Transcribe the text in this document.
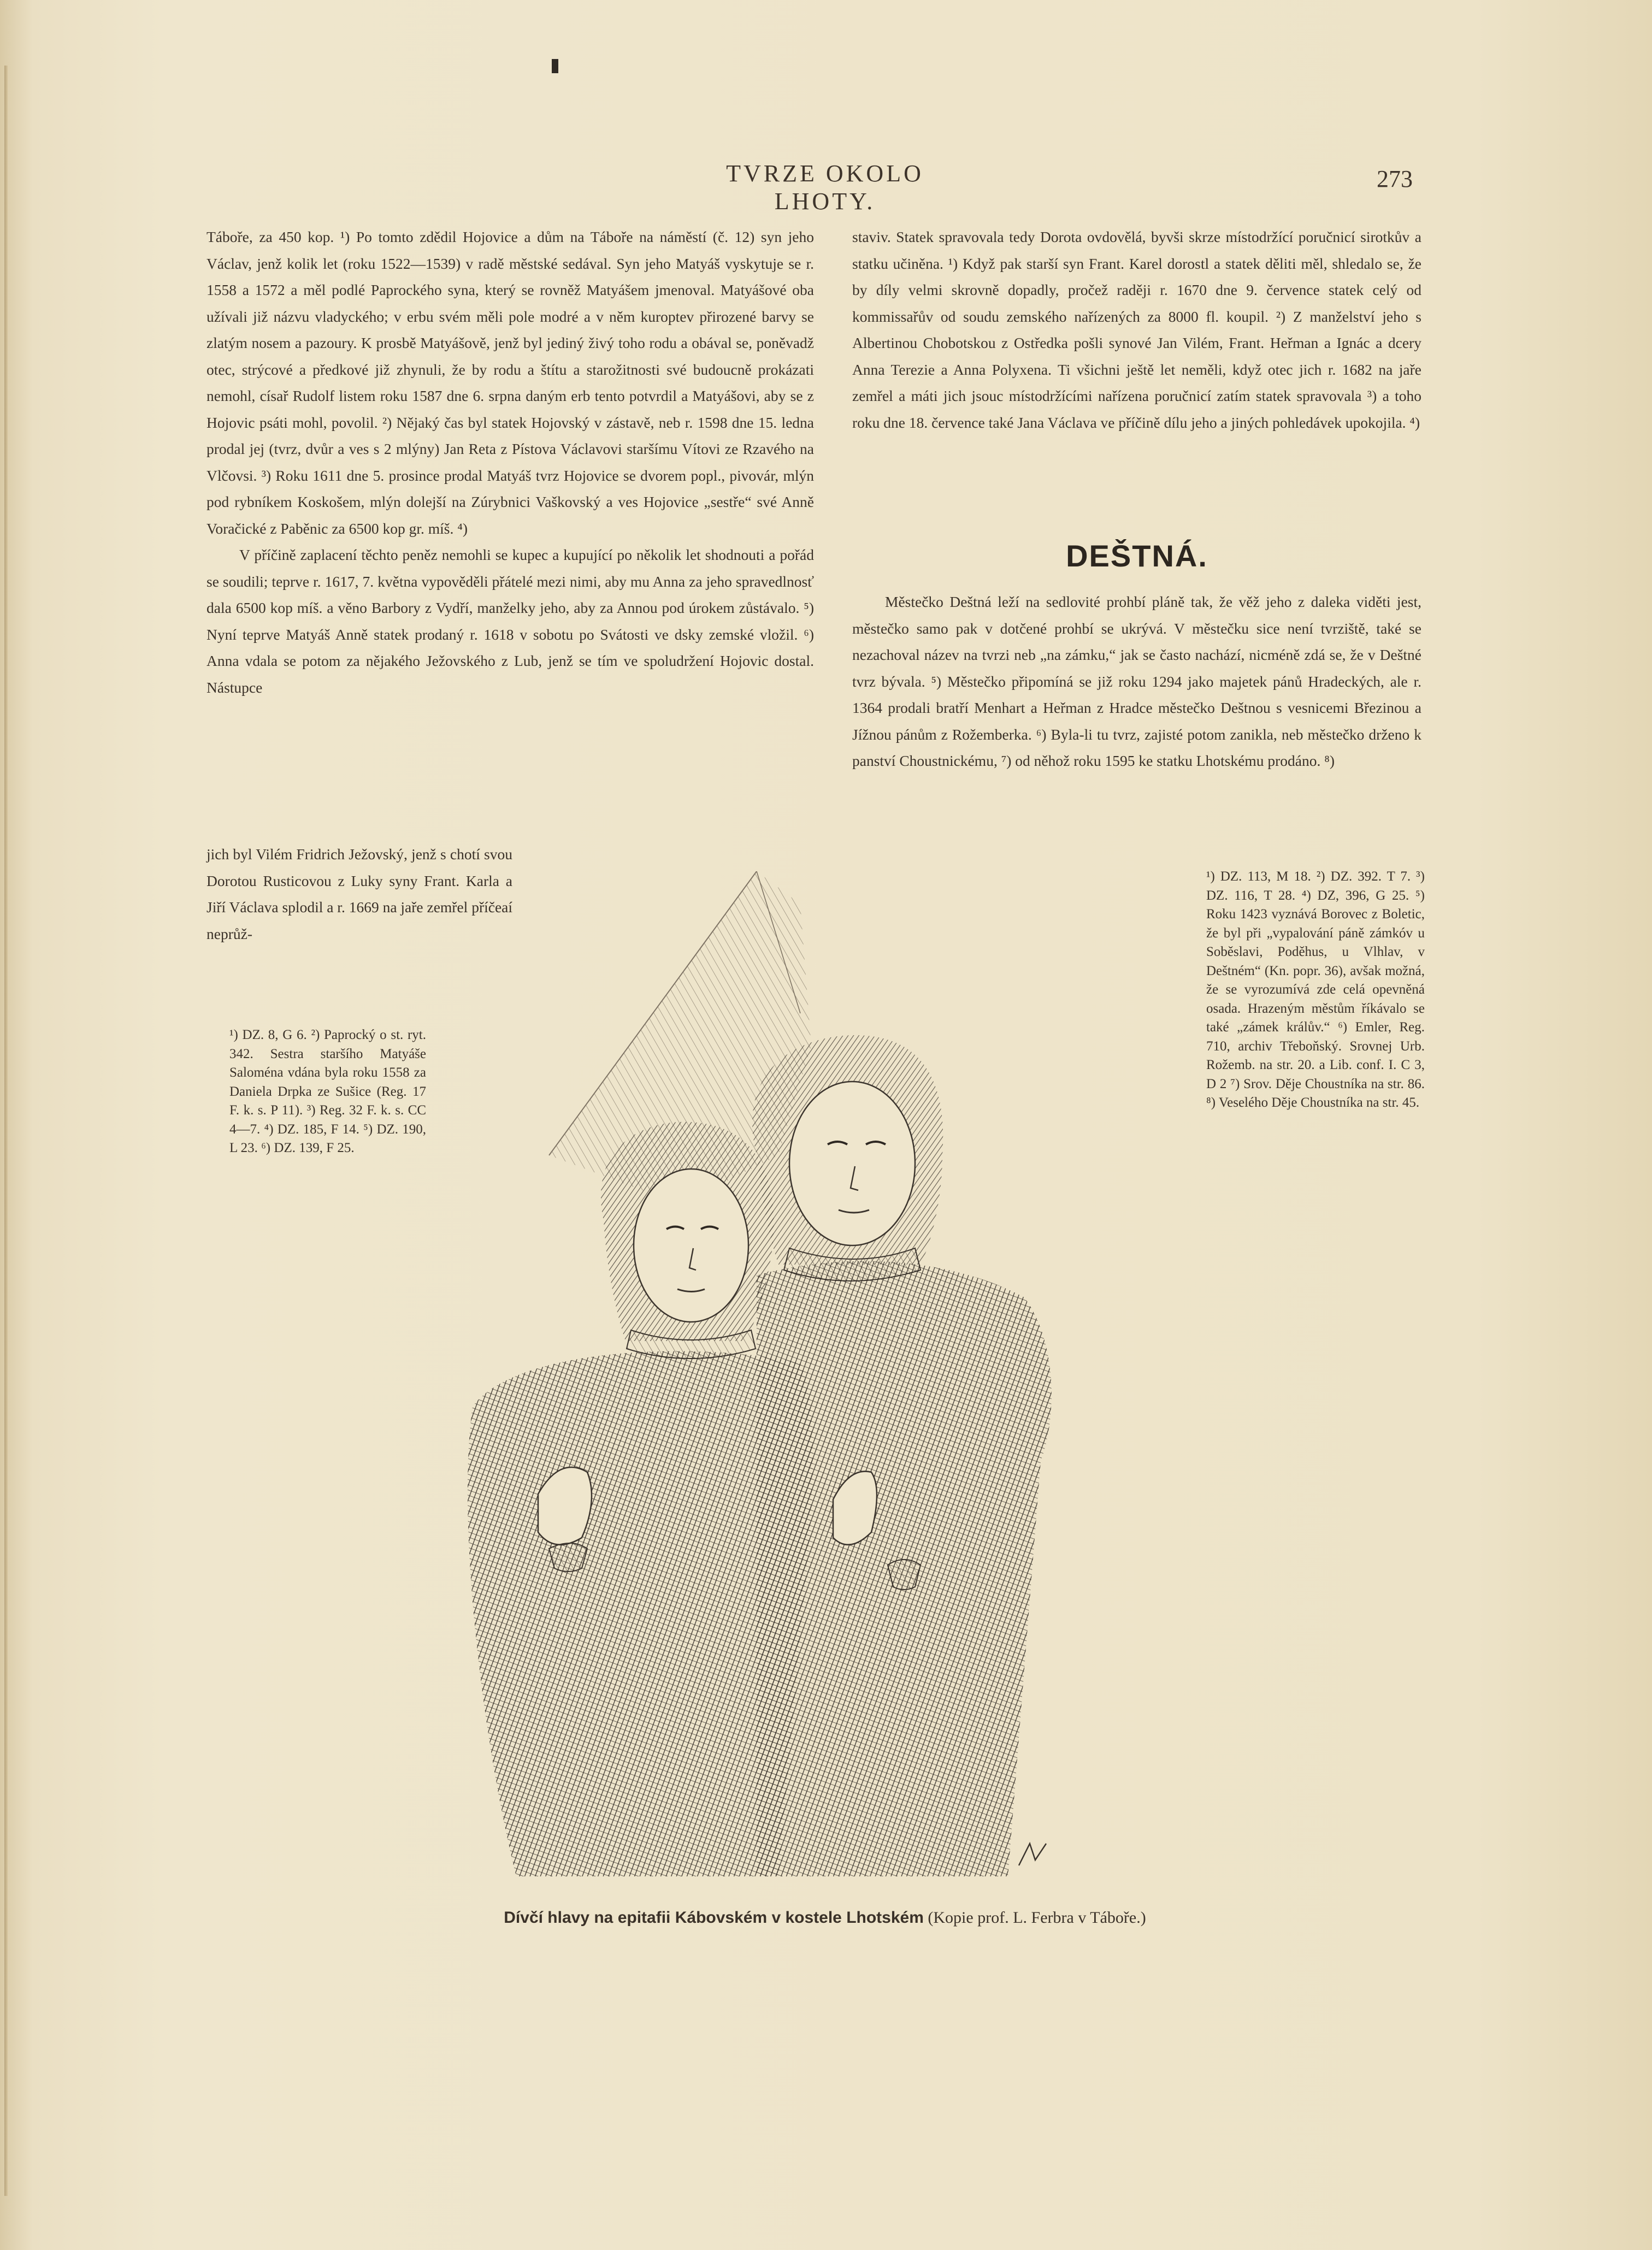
TVRZE OKOLO LHOTY.
273

Táboře, za 450 kop. ¹) Po tomto zdědil Hojovice a dům na Táboře na náměstí (č. 12) syn jeho Václav, jenž kolik let (roku 1522—1539) v radě městské sedával. Syn jeho Matyáš vyskytuje se r. 1558 a 1572 a měl podlé Paprockého syna, který se rovněž Matyášem jmenoval. Matyášové oba užívali již názvu vladyckého; v erbu svém měli pole modré a v něm kuroptev přirozené barvy se zlatým nosem a pazoury. K prosbě Matyášově, jenž byl jediný živý toho rodu a obával se, poněvadž otec, strýcové a předkové již zhynuli, že by rodu a štítu a starožitnosti své budoucně prokázati nemohl, císař Rudolf listem roku 1587 dne 6. srpna daným erb tento potvrdil a Matyášovi, aby se z Hojovic psáti mohl, povolil. ²) Nějaký čas byl statek Hojovský v zástavě, neb r. 1598 dne 15. ledna prodal jej (tvrz, dvůr a ves s 2 mlýny) Jan Reta z Pístova Václavovi staršímu Vítovi ze Rzavého na Vlčovsi. ³) Roku 1611 dne 5. prosince prodal Matyáš tvrz Hojovice se dvorem popl., pivovár, mlýn pod rybníkem Koskošem, mlýn dolejší na Zúrybnici Vaškovský a ves Hojovice „sestře“ své Anně Voračické z Paběnic za 6500 kop gr. míš. ⁴)

V příčině zaplacení těchto peněz nemohli se kupec a kupující po několik let shodnouti a pořád se soudili; teprve r. 1617, 7. května vypověděli přátelé mezi nimi, aby mu Anna za jeho spravedlnosť dala 6500 kop míš. a věno Barbory z Vydří, manželky jeho, aby za Annou pod úrokem zůstávalo. ⁵) Nyní teprve Matyáš Anně statek prodaný r. 1618 v sobotu po Svátosti ve dsky zemské vložil. ⁶) Anna vdala se potom za nějakého Ježovského z Lub, jenž se tím ve spoludržení Hojovic dostal. Nástupce

jich byl Vilém Fridrich Ježovský, jenž s chotí svou Dorotou Rusticovou z Luky syny Frant. Karla a Jiří Václava splodil a r. 1669 na jaře zemřel příčeaí neprůž-

¹) DZ. 8, G 6. ²) Paprocký o st. ryt. 342. Sestra staršího Matyáše Saloména vdána byla roku 1558 za Daniela Drpka ze Sušice (Reg. 17 F. k. s. P 11). ³) Reg. 32 F. k. s. CC 4—7. ⁴) DZ. 185, F 14. ⁵) DZ. 190, L 23. ⁶) DZ. 139, F 25.

staviv. Statek spravovala tedy Dorota ovdovělá, byvši skrze místodržící poručnicí sirotkův a statku učiněna. ¹) Když pak starší syn Frant. Karel dorostl a statek děliti měl, shledalo se, že by díly velmi skrovně dopadly, pročež raději r. 1670 dne 9. července statek celý od kommissařův od soudu zemského nařízených za 8000 fl. koupil. ²) Z manželství jeho s Albertinou Chobotskou z Ostředka pošli synové Jan Vilém, Frant. Heřman a Ignác a dcery Anna Terezie a Anna Polyxena. Ti všichni ještě let neměli, když otec jich r. 1682 na jaře zemřel a máti jich jsouc místodržícími nařízena poručnicí zatím statek spravovala ³) a toho roku dne 18. července také Jana Václava ve příčině dílu jeho a jiných pohledávek upokojila. ⁴)

DEŠTNÁ.

Městečko Deštná leží na sedlovité prohbí pláně tak, že věž jeho z daleka viděti jest, městečko samo pak v dotčené prohbí se ukrývá. V městečku sice není tvrziště, také se nezachoval název na tvrzi neb „na zámku,“ jak se často nachází, nicméně zdá se, že v Deštné tvrz bývala. ⁵) Městečko připomíná se již roku 1294 jako majetek pánů Hradeckých, ale r. 1364 prodali bratří Menhart a Heřman z Hradce městečko Deštnou s vesnicemi Březinou a Jížnou pánům z Rožemberka. ⁶) Byla-li tu tvrz, zajisté potom zanikla, neb městečko drženo k panství Choustnickému, ⁷) od něhož roku 1595 ke statku Lhotskému prodáno. ⁸)

¹) DZ. 113, M 18. ²) DZ. 392. T 7. ³) DZ. 116, T 28. ⁴) DZ, 396, G 25. ⁵) Roku 1423 vyznává Borovec z Boletic, že byl při „vypalování páně zámkóv u Soběslavi, Poděhus, u Vlhlav, v Deštném“ (Kn. popr. 36), avšak možná, že se vyrozumívá zde celá opevněná osada. Hrazeným městům říkávalo se také „zámek králův.“ ⁶) Emler, Reg. 710, archiv Třeboňský. Srovnej Urb. Rožemb. na str. 20. a Lib. conf. I. C 3, D 2 ⁷) Srov. Děje Choustníka na str. 86. ⁸) Veselého Děje Choustníka na str. 45.
Dívčí hlavy na epitafii Kábovském v kostele Lhotském (Kopie prof. L. Ferbra v Táboře.)
